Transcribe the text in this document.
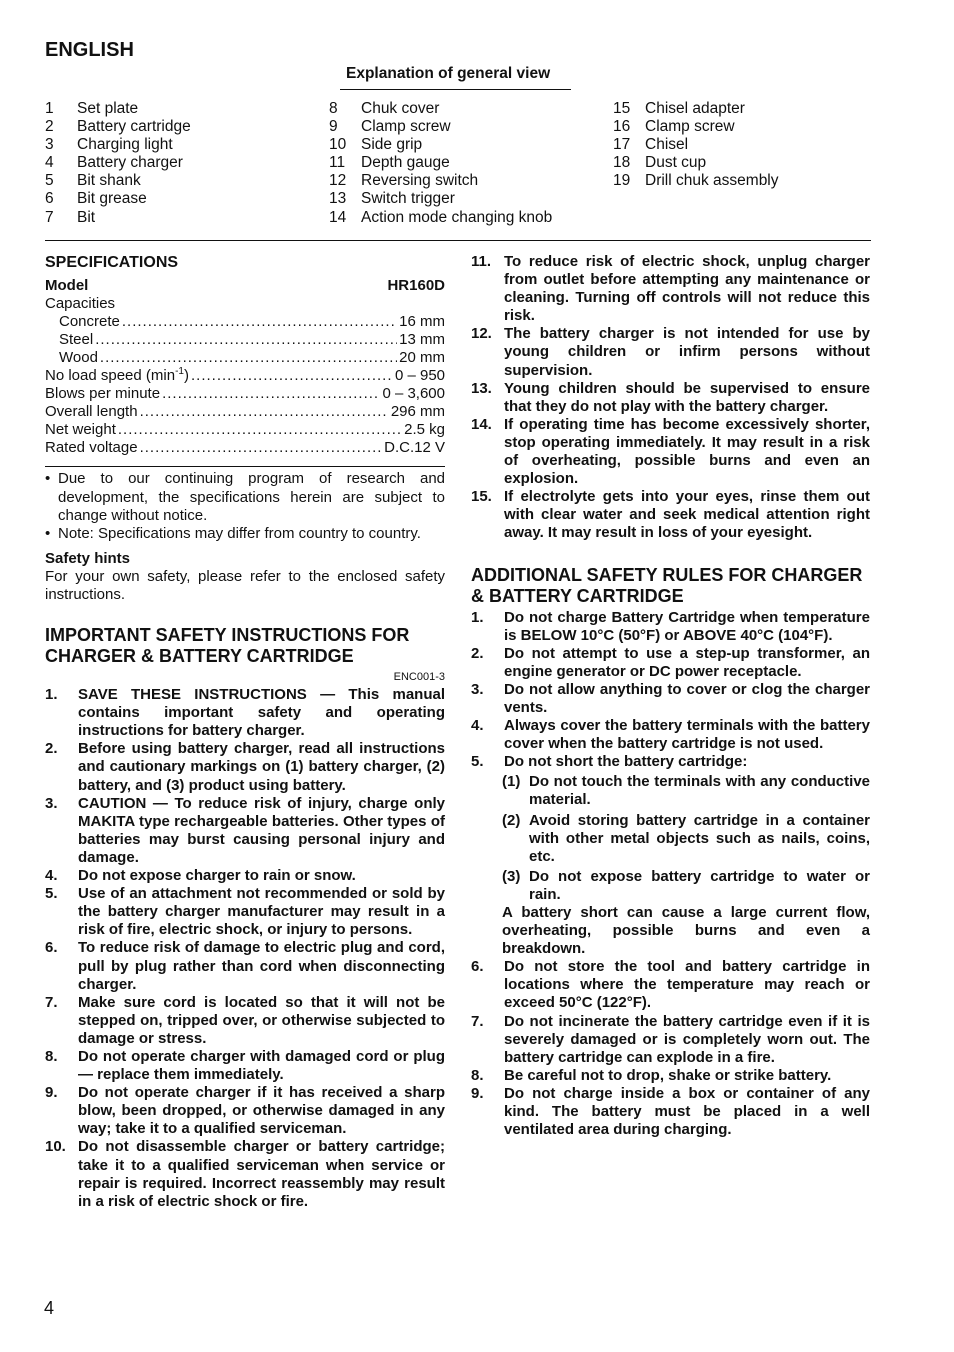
ENGLISH
Explanation of general view
1 Set plate
2 Battery cartridge
3 Charging light
4 Battery charger
5 Bit shank
6 Bit grease
7 Bit
8 Chuk cover
9 Clamp screw
10 Side grip
11 Depth gauge
12 Reversing switch
13 Switch trigger
14 Action mode changing knob
15 Chisel adapter
16 Clamp screw
17 Chisel
18 Dust cup
19 Drill chuk assembly
SPECIFICATIONS
Model	HR160D
Capacities
Concrete .....	16 mm
Steel .....	13 mm
Wood .....	20 mm
No load speed $(\min^{-1})$ .....	0 – 950
Blows per minute .....	0 – 3,600
Overall length .....	296 mm
Net weight .....	2.5 kg
Rated voltage .....	D.C.12 V
• Due to our continuing program of research and development, the specifications herein are subject to change without notice.
• Note: Specifications may differ from country to country.
Safety hints
For your own safety, please refer to the enclosed safety instructions.
IMPORTANT SAFETY INSTRUCTIONS FOR CHARGER & BATTERY CARTRIDGE
ENC001-3
1.	SAVE THESE INSTRUCTIONS — This manual contains important safety and operating instructions for battery charger.
2.	Before using battery charger, read all instructions and cautionary markings on (1) battery charger, (2) battery, and (3) product using battery.
3.	CAUTION — To reduce risk of injury, charge only MAKITA type rechargeable batteries. Other types of batteries may burst causing personal injury and damage.
4.	Do not expose charger to rain or snow.
5.	Use of an attachment not recommended or sold by the battery charger manufacturer may result in a risk of fire, electric shock, or injury to persons.
6.	To reduce risk of damage to electric plug and cord, pull by plug rather than cord when disconnecting charger.
7.	Make sure cord is located so that it will not be stepped on, tripped over, or otherwise subjected to damage or stress.
8.	Do not operate charger with damaged cord or plug — replace them immediately.
9.	Do not operate charger if it has received a sharp blow, been dropped, or otherwise damaged in any way; take it to a qualified serviceman.
10. Do not disassemble charger or battery cartridge; take it to a qualified serviceman when service or repair is required. Incorrect reassembly may result in a risk of electric shock or fire.
11. To reduce risk of electric shock, unplug charger from outlet before attempting any maintenance or cleaning. Turning off controls will not reduce this risk.
12. The battery charger is not intended for use by young children or infirm persons without supervision.
13. Young children should be supervised to ensure that they do not play with the battery charger.
14. If operating time has become excessively shorter, stop operating immediately. It may result in a risk of overheating, possible burns and even an explosion.
15. If electrolyte gets into your eyes, rinse them out with clear water and seek medical attention right away. It may result in loss of your eyesight.
ADDITIONAL SAFETY RULES FOR CHARGER & BATTERY CARTRIDGE
1.	Do not charge Battery Cartridge when temperature is BELOW 10°C (50°F) or ABOVE 40°C (104°F).
2.	Do not attempt to use a step-up transformer, an engine generator or DC power receptacle.
3.	Do not allow anything to cover or clog the charger vents.
4.	Always cover the battery terminals with the battery cover when the battery cartridge is not used.
5.	Do not short the battery cartridge:
(1) Do not touch the terminals with any conductive material.
(2) Avoid storing battery cartridge in a container with other metal objects such as nails, coins, etc.
(3) Do not expose battery cartridge to water or rain.
A battery short can cause a large current flow, overheating, possible burns and even a breakdown.
6.	Do not store the tool and battery cartridge in locations where the temperature may reach or exceed 50°C (122°F).
7.	Do not incinerate the battery cartridge even if it is severely damaged or is completely worn out. The battery cartridge can explode in a fire.
8.	Be careful not to drop, shake or strike battery.
9.	Do not charge inside a box or container of any kind. The battery must be placed in a well ventilated area during charging.
4
